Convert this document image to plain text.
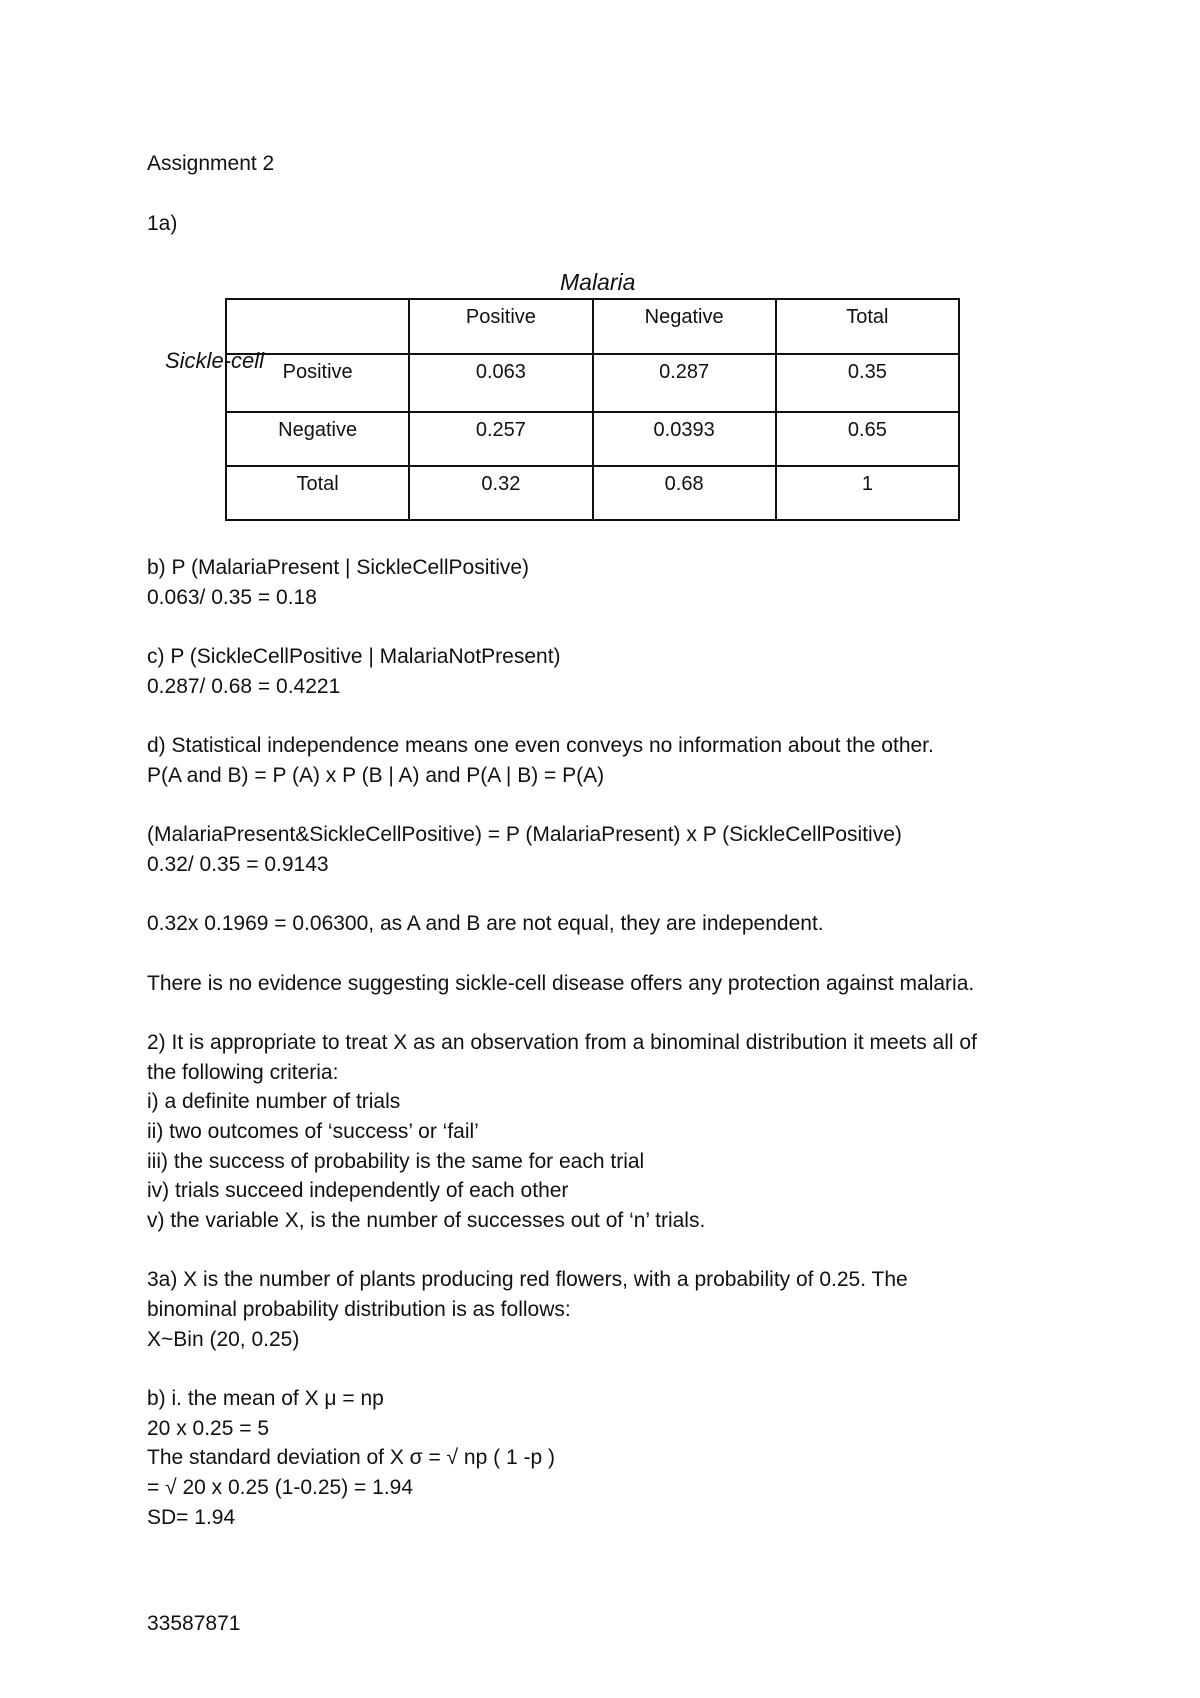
Assignment 2
1a)
Malaria
Sickle-cell
	Positive	Negative	Total
Positive	0.063	0.287	0.35
Negative	0.257	0.0393	0.65
Total	0.32	0.68	1
b) P (MalariaPresent | SickleCellPositive)
0.063/ 0.35 = 0.18
c) P (SickleCellPositive | MalariaNotPresent)
0.287/ 0.68 = 0.4221
d) Statistical independence means one even conveys no information about the other.
P(A and B) = P (A) x P (B | A) and P(A | B) = P(A)
(MalariaPresent&SickleCellPositive) = P (MalariaPresent) x P (SickleCellPositive)
0.32/ 0.35 = 0.9143
0.32x 0.1969 = 0.06300, as A and B are not equal, they are independent.
There is no evidence suggesting sickle-cell disease offers any protection against malaria.
2) It is appropriate to treat X as an observation from a binominal distribution it meets all of
the following criteria:
i) a definite number of trials
ii) two outcomes of ‘success’ or ‘fail’
iii) the success of probability is the same for each trial
iv) trials succeed independently of each other
v) the variable X, is the number of successes out of ‘n’ trials.
3a) X is the number of plants producing red flowers, with a probability of 0.25. The
binominal probability distribution is as follows:
X~Bin (20, 0.25)
b) i. the mean of X μ = np
20 x 0.25 = 5
The standard deviation of X σ = √ np ( 1 -p )
= √ 20 x 0.25 (1-0.25) = 1.94
SD= 1.94
33587871
